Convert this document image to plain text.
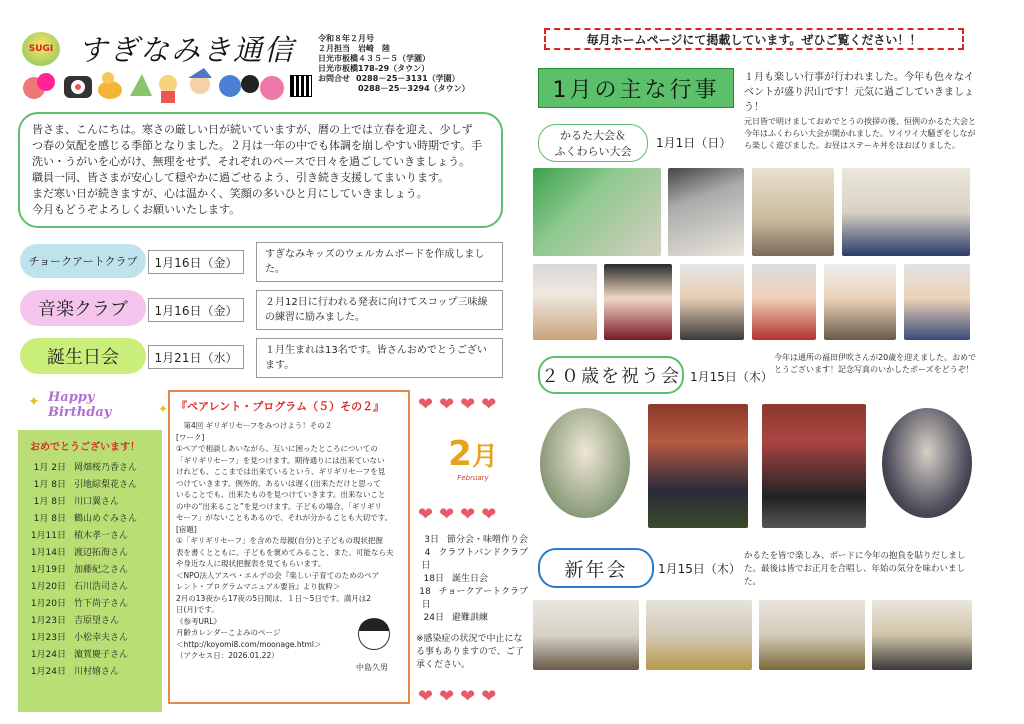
SUGI すぎなみき通信	令和８年２月号
２月担当　岩崎　陸
日光市板橋４３５－５（学園）
日光市板橋178-29（タウン）
お問合せ 0288－25－3131（学園）
0288－25－3294（タウン）
皆さま、こんにちは。寒さの厳しい日が続いていますが、暦の上では立春を迎え、少しず
つ春の気配を感じる季節となりました。２月は一年の中でも体調を崩しやすい時期です。手
洗い・うがいを心がけ、無理をせず、それぞれのペースで日々を過ごしていきましょう。
職員一同、皆さまが安心して穏やかに過ごせるよう、引き続き支援してまいります。
まだ寒い日が続きますが、心は温かく、笑顔の多いひと月にしていきましょう。
今月もどうぞよろしくお願いいたします。
チョークアートクラブ	1月16日（金）
すぎなみキッズのウェルカムボードを作成しました。
音楽クラブ	1月16日（金）
２月12日に行われる発表に向けてスコップ三味線の練習に励みました。
誕生日会	1月21日（水）	１月生まれは13名です。皆さんおめでとうございます。
Happy Birthday
✦	✦
おめでとうございます！
1月 2日 岡畑桜乃香さん
1月 8日 引地綜梨花さん
1月 8日 川口翼さん
1月 8日 鶴山めぐみさん
1月11日 植木孝一さん
1月14日 渡辺拓海さん
1月19日 加藤紀之さん
1月20日 石川浩司さん
1月20日 竹下尚子さん
1月23日 吉原望さん
1月23日 小松幸夫さん
1月24日 濵賀慶子さん
1月24日 川村嬉さん
『ペアレント・プログラム（５）その２』
　第4回 ギリギリセーフをみつけよう！その２
[ワーク]
①ペアで相談しあいながら、互いに困ったところについての
「ギリギリセーフ」を見つけます。期待通りには出来ていない
けれども、ここまでは出来ているという、ギリギリセーフを見
つけていきます。例外的、あるいは遅く(出来ただけと思って
いることでも、出来たものを見つけていきます。出来ないこと
の中の“出来ること”を見つけます。子どもの場合、「ギリギリ
セーフ」がないこともあるので、それが分かることも大切です。
[宿題]
①「ギリギリセーフ」を含めた母親(自分)と子どもの現状把握
表を書くとともに、子どもを褒めてみること、また、可能なら夫
や身近な人に現状把握表を見てもらいます。
＜NPO法人アスペ・エルデの会『楽しい子育てのためのペア
レント・プログラムマニュアル要旨』より抜粋＞
2月の13夜から17夜の5日間は、１日～5日です。満月は2
日(月)です。
《参考URL》
月齢カレンダーこよみのページ
＜http://koyomi8.com/moonage.html＞
（アクセス日：2026.01.22）
中島久男
❤❤❤❤
2 月
February
❤❤❤❤
3日 節分会・味噌作り会
4日
クラフトバンドクラブ
18日 誕生日会
18日
チョークアートクラブ
24日 避難訓練
※感染症の状況で中止になる事もありますので、ご了承ください。
❤❤❤❤
毎月ホームページにて掲載しています。ぜひご覧ください！！
1月の主な行事 １月も楽しい行事が行われました。今年も色々なイベントが盛り沢山です！元気に過ごしていきましょう！
かるた大会＆
ふくわらい大会
1月1日（日）
元日皆で明けましておめでとうの挨拶の後、恒例のかるた大会と今年はふくわらい大会が開かれました。ワイワイ大騒ぎをしながら楽しく遊びました。お昼はステーキ丼をほおばりました。
２０歳を祝う会 1月15日（木）
今年は通所の福田伊吹さんが20歳を迎えました。おめでとうございます！記念写真のいかしたポーズをどうぞ！
新年会	1月15日（木）
かるたを皆で楽しみ、ボードに今年の抱負を貼りだしました。最後は皆でお正月を合唱し、年始の気分を味わいました。
